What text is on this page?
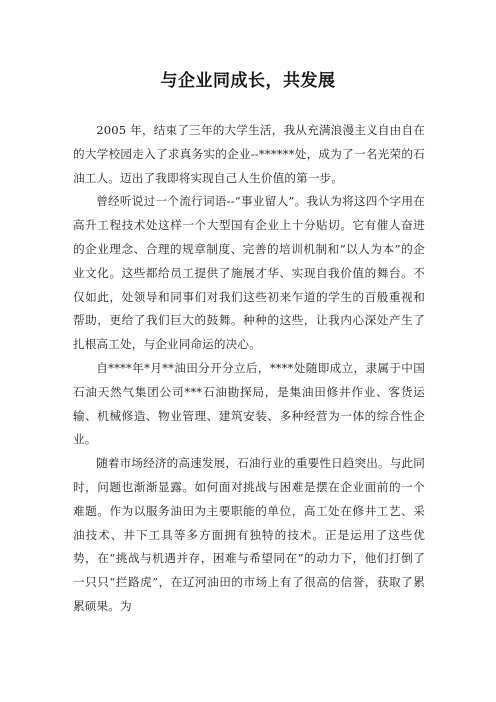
与企业同成长，共发展

2005 年，结束了三年的大学生活，我从充满浪漫主义自由自在的大学校园走入了求真务实的企业--******处，成为了一名光荣的石油工人。迈出了我即将实现自己人生价值的第一步。

曾经听说过一个流行词语--“事业留人”。我认为将这四个字用在高升工程技术处这样一个大型国有企业上十分贴切。它有催人奋进的企业理念、合理的规章制度、完善的培训机制和“以人为本”的企业文化。这些都给员工提供了施展才华、实现自我价值的舞台。不仅如此，处领导和同事们对我们这些初来乍道的学生的百般重视和帮助，更给了我们巨大的鼓舞。种种的这些，让我内心深处产生了扎根高工处，与企业同命运的决心。

自****年*月**油田分开分立后，****处随即成立，隶属于中国石油天然气集团公司***石油勘探局，是集油田修井作业、客货运输、机械修造、物业管理、建筑安装、多种经营为一体的综合性企业。

随着市场经济的高速发展，石油行业的重要性日趋突出。与此同时，问题也渐渐显露。如何面对挑战与困难是摆在企业面前的一个难题。作为以服务油田为主要职能的单位，高工处在修井工艺、采油技术、井下工具等多方面拥有独特的技术。正是运用了这些优势，在“挑战与机遇并存，困难与希望同在”的动力下，他们打倒了一只只“拦路虎”，在辽河油田的市场上有了很高的信誉，获取了累累硕果。为
